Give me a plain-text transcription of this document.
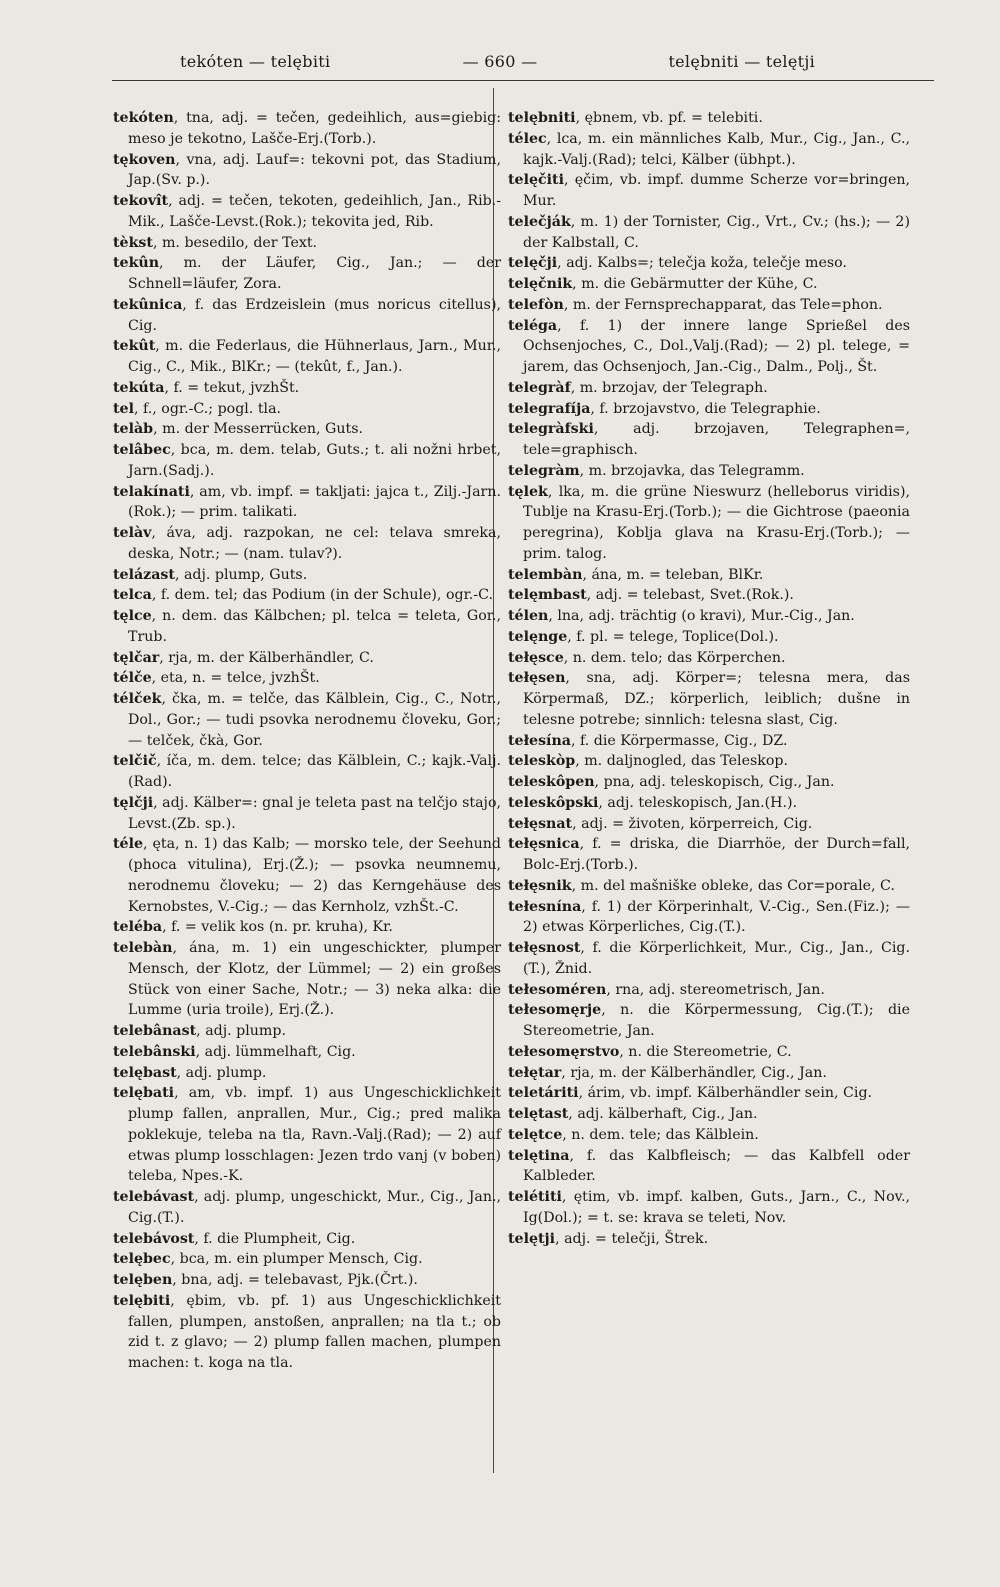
tekóten — telębiti	— 660 —	telębniti — telętji

tekóten, tna, adj. = tečen, gedeihlich, aus=giebig: meso je tekotno, Lašče-Erj.(Torb.).

tękoven, vna, adj. Lauf=: tekovni pot, das Stadium, Jap.(Sv. p.).

tekovît, adj. = tečen, tekoten, gedeihlich, Jan., Rib.-Mik., Lašče-Levst.(Rok.); tekovita jed, Rib.

tèkst, m. besedilo, der Text.

tekûn, m. der Läufer, Cig., Jan.; — der Schnell=läufer, Zora.

tekûnica, f. das Erdzeislein (mus noricus citellus), Cig.

tekût, m. die Federlaus, die Hühnerlaus, Jarn., Mur., Cig., C., Mik., BlKr.; — (tekût, f., Jan.).

tekúta, f. = tekut, jvzhŠt.

tel, f., ogr.-C.; pogl. tla.

telàb, m. der Messerrücken, Guts.

telâbec, bca, m. dem. telab, Guts.; t. ali nožni hrbet, Jarn.(Sadj.).

telakínati, am, vb. impf. = takljati: jajca t., Zilj.-Jarn.(Rok.); — prim. talikati.

telàv, áva, adj. razpokan, ne cel: telava smreka, deska, Notr.; — (nam. tulav?).

telázast, adj. plump, Guts.

telca, f. dem. tel; das Podium (in der Schule), ogr.-C.

tęlce, n. dem. das Kälbchen; pl. telca = teleta, Gor., Trub.

tęlčar, rja, m. der Kälberhändler, C.

télče, eta, n. = telce, jvzhŠt.

télček, čka, m. = telče, das Kälblein, Cig., C., Notr., Dol., Gor.; — tudi psovka nerodnemu človeku, Gor.; — telček, čkà, Gor.

telčič, íča, m. dem. telce; das Kälblein, C.; kajk.-Valj.(Rad).

tęlčji, adj. Kälber=: gnal je teleta past na telčjo stajo, Levst.(Zb. sp.).

téle, ęta, n. 1) das Kalb; — morsko tele, der Seehund (phoca vitulina), Erj.(Ž.); — psovka neumnemu, nerodnemu človeku; — 2) das Kerngehäuse des Kernobstes, V.-Cig.; — das Kernholz, vzhŠt.-C.

teléba, f. = velik kos (n. pr. kruha), Kr.

telebàn, ána, m. 1) ein ungeschickter, plumper Mensch, der Klotz, der Lümmel; — 2) ein großes Stück von einer Sache, Notr.; — 3) neka alka: die Lumme (uria troile), Erj.(Ž.).

telebânast, adj. plump.

telebânski, adj. lümmelhaft, Cig.

telębast, adj. plump.

telębati, am, vb. impf. 1) aus Ungeschicklichkeit plump fallen, anprallen, Mur., Cig.; pred malika poklekuje, teleba na tla, Ravn.-Valj.(Rad); — 2) auf etwas plump losschlagen: Jezen trdo vanj (v boben) teleba, Npes.-K.

telebávast, adj. plump, ungeschickt, Mur., Cig., Jan., Cig.(T.).

telebávost, f. die Plumpheit, Cig.

telębec, bca, m. ein plumper Mensch, Cig.

telęben, bna, adj. = telebavast, Pjk.(Črt.).

telębiti, ębim, vb. pf. 1) aus Ungeschicklichkeit fallen, plumpen, anstoßen, anprallen; na tla t.; ob zid t. z glavo; — 2) plump fallen machen, plumpen machen: t. koga na tla.

telębniti, ębnem, vb. pf. = telebiti.

télec, lca, m. ein männliches Kalb, Mur., Cig., Jan., C., kajk.-Valj.(Rad); telci, Kälber (übhpt.).

telęčiti, ęčim, vb. impf. dumme Scherze vor=bringen, Mur.

telečják, m. 1) der Tornister, Cig., Vrt., Cv.; (hs.); — 2) der Kalbstall, C.

telęčji, adj. Kalbs=; telečja koža, telečje meso.

telęčnik, m. die Gebärmutter der Kühe, C.

telefòn, m. der Fernsprechapparat, das Tele=phon.

teléga, f. 1) der innere lange Sprießel des Ochsenjoches, C., Dol.,Valj.(Rad); — 2) pl. telege, = jarem, das Ochsenjoch, Jan.-Cig., Dalm., Polj., Št.

telegràf, m. brzojav, der Telegraph.

telegrafíja, f. brzojavstvo, die Telegraphie.

telegràfski, adj. brzojaven, Telegraphen=, tele=graphisch.

telegràm, m. brzojavka, das Telegramm.

tęlek, lka, m. die grüne Nieswurz (helleborus viridis), Tublje na Krasu-Erj.(Torb.); — die Gichtrose (paeonia peregrina), Koblja glava na Krasu-Erj.(Torb.); — prim. talog.

telembàn, ána, m. = teleban, BlKr.

telęmbast, adj. = telebast, Svet.(Rok.).

télen, lna, adj. trächtig (o kravi), Mur.-Cig., Jan.

telęnge, f. pl. = telege, Toplice(Dol.).

tełęsce, n. dem. telo; das Körperchen.

tełęsen, sna, adj. Körper=; telesna mera, das Körpermaß, DZ.; körperlich, leiblich; dušne in telesne potrebe; sinnlich: telesna slast, Cig.

tełesína, f. die Körpermasse, Cig., DZ.

teleskòp, m. daljnogled, das Teleskop.

teleskôpen, pna, adj. teleskopisch, Cig., Jan.

teleskôpski, adj. teleskopisch, Jan.(H.).

tełęsnat, adj. = životen, körperreich, Cig.

tełęsnica, f. = driska, die Diarrhöe, der Durch=fall, Bolc-Erj.(Torb.).

tełęsnik, m. del mašniške obleke, das Cor=porale, C.

tełesnína, f. 1) der Körperinhalt, V.-Cig., Sen.(Fiz.); — 2) etwas Körperliches, Cig.(T.).

tełęsnost, f. die Körperlichkeit, Mur., Cig., Jan., Cig.(T.), Žnid.

tełesoméren, rna, adj. stereometrisch, Jan.

tełesomęrje, n. die Körpermessung, Cig.(T.); die Stereometrie, Jan.

tełesomęrstvo, n. die Stereometrie, C.

tełętar, rja, m. der Kälberhändler, Cig., Jan.

teletáriti, árim, vb. impf. Kälberhändler sein, Cig.

telętast, adj. kälberhaft, Cig., Jan.

telętce, n. dem. tele; das Kälblein.

telętina, f. das Kalbfleisch; — das Kalbfell oder Kalbleder.

telétiti, ętim, vb. impf. kalben, Guts., Jarn., C., Nov., Ig(Dol.); = t. se: krava se teleti, Nov.

telętji, adj. = telečji, Štrek.
